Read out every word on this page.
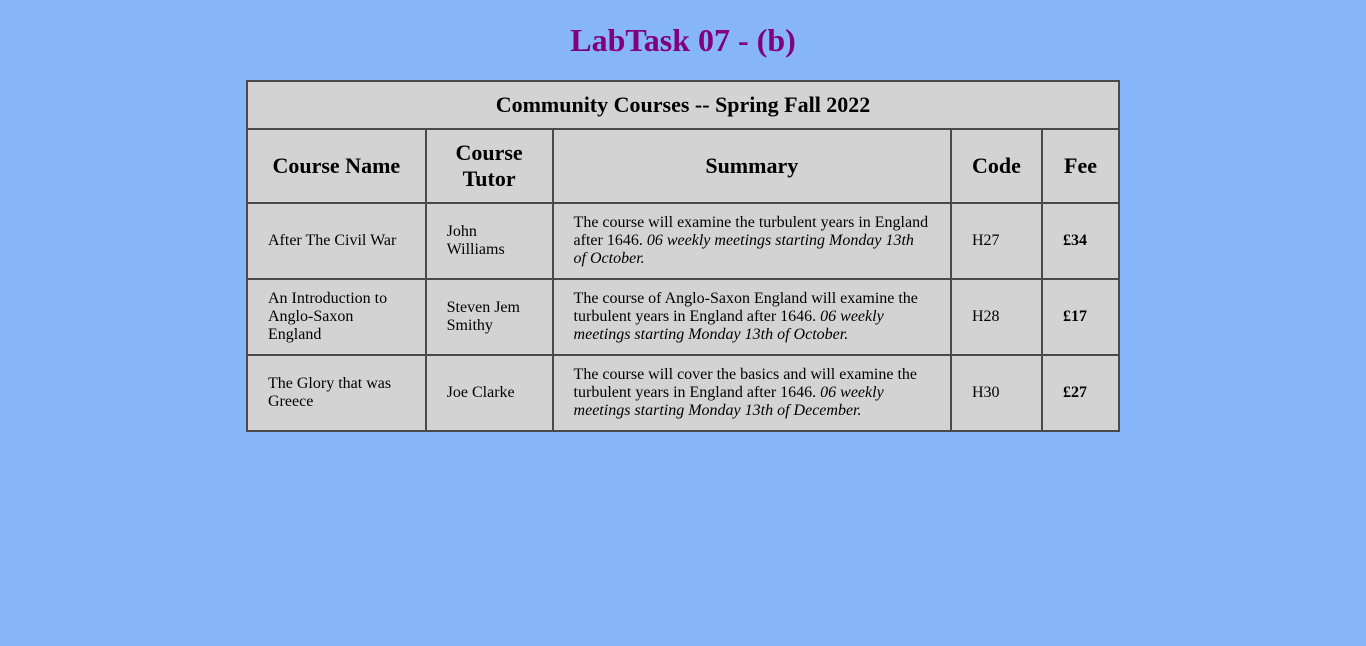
LabTask 07 - (b)
Community Courses -- Spring Fall 2022				
Course Name	Course Tutor	Summary	Code	Fee
After The Civil War	John Williams	The course will examine the turbulent years in England after 1646. 06 weekly meetings starting Monday 13th of October.	H27	£34
An Introduction to Anglo-Saxon England	Steven Jem Smithy	The course of Anglo-Saxon England will examine the turbulent years in England after 1646. 06 weekly meetings starting Monday 13th of October.	H28	£17
The Glory that was Greece	Joe Clarke	The course will cover the basics and will examine the turbulent years in England after 1646. 06 weekly meetings starting Monday 13th of December.	H30	£27
